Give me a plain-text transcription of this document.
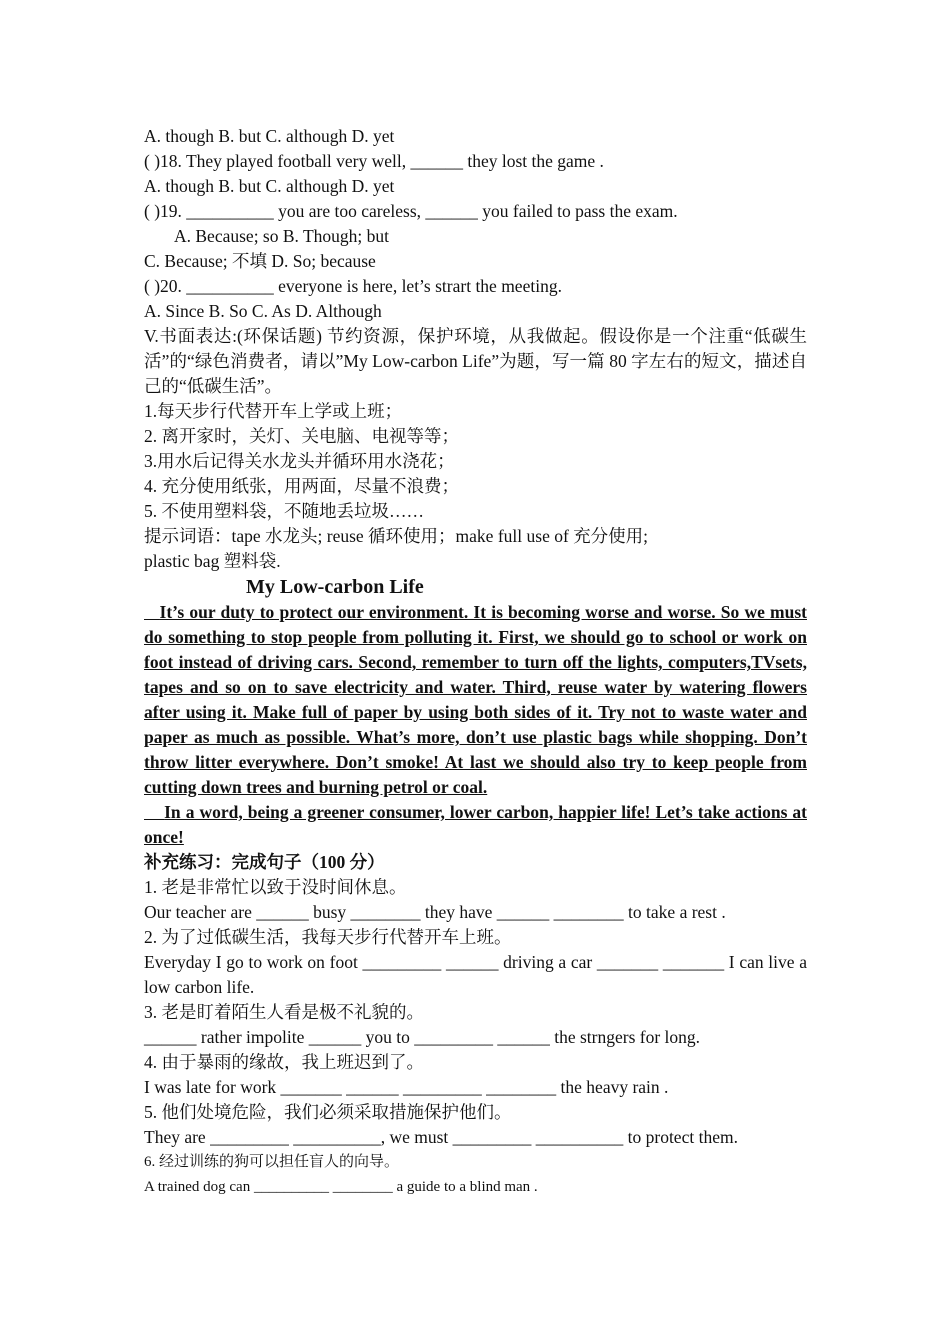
A. though B. but C. although D. yet
( )18. They played football very well, ______ they lost the game .
A. though B. but C. although D. yet
( )19. __________ you are too careless, ______ you failed to pass the exam.
A. Because; so B. Though; but
C. Because; 不填 D. So; because
( )20. __________ everyone is here, let’s strart the meeting.
A. Since B. So C. As D. Although
V.书面表达:(环保话题) 节约资源，保护环境，从我做起。假设你是一个注重“低碳生活”的“绿色消费者，请以”My Low-carbon Life”为题，写一篇 80 字左右的短文，描述自己的“低碳生活”。
1.每天步行代替开车上学或上班；
2. 离开家时，关灯、关电脑、电视等等；
3.用水后记得关水龙头并循环用水浇花；
4. 充分使用纸张，用两面，尽量不浪费；
5. 不使用塑料袋，不随地丢垃圾……
提示词语：tape 水龙头; reuse 循环使用；make full use of 充分使用;
plastic bag 塑料袋.
My Low-carbon Life

It’s our duty to protect our environment. It is becoming worse and worse. So we must do something to stop people from polluting it. First, we should go to school or work on foot instead of driving cars. Second, remember to turn off the lights, computers,TVsets, tapes and so on to save electricity and water. Third, reuse water by watering flowers after using it. Make full of paper by using both sides of it. Try not to waste water and paper as much as possible. What’s more, don’t use plastic bags while shopping. Don’t throw litter everywhere. Don’t smoke! At last we should also try to keep people from cutting down trees and burning petrol or coal.

In a word, being a greener consumer, lower carbon, happier life! Let’s take actions at once!

补充练习：完成句子（100 分）
1. 老是非常忙以致于没时间休息。
Our teacher are ______ busy ________ they have ______ ________ to take a rest .
2. 为了过低碳生活，我每天步行代替开车上班。
Everyday I go to work on foot _________ ______ driving a car _______ _______ I can live a low carbon life.
3. 老是盯着陌生人看是极不礼貌的。
______ rather impolite ______ you to _________ ______ the strngers for long.
4. 由于暴雨的缘故，我上班迟到了。
I was late for work _______ ______ _________ ________ the heavy rain .
5. 他们处境危险，我们必须采取措施保护他们。
They are _________ __________, we must _________ __________ to protect them.
6. 经过训练的狗可以担任盲人的向导。
A trained dog can __________ ________ a guide to a blind man .
